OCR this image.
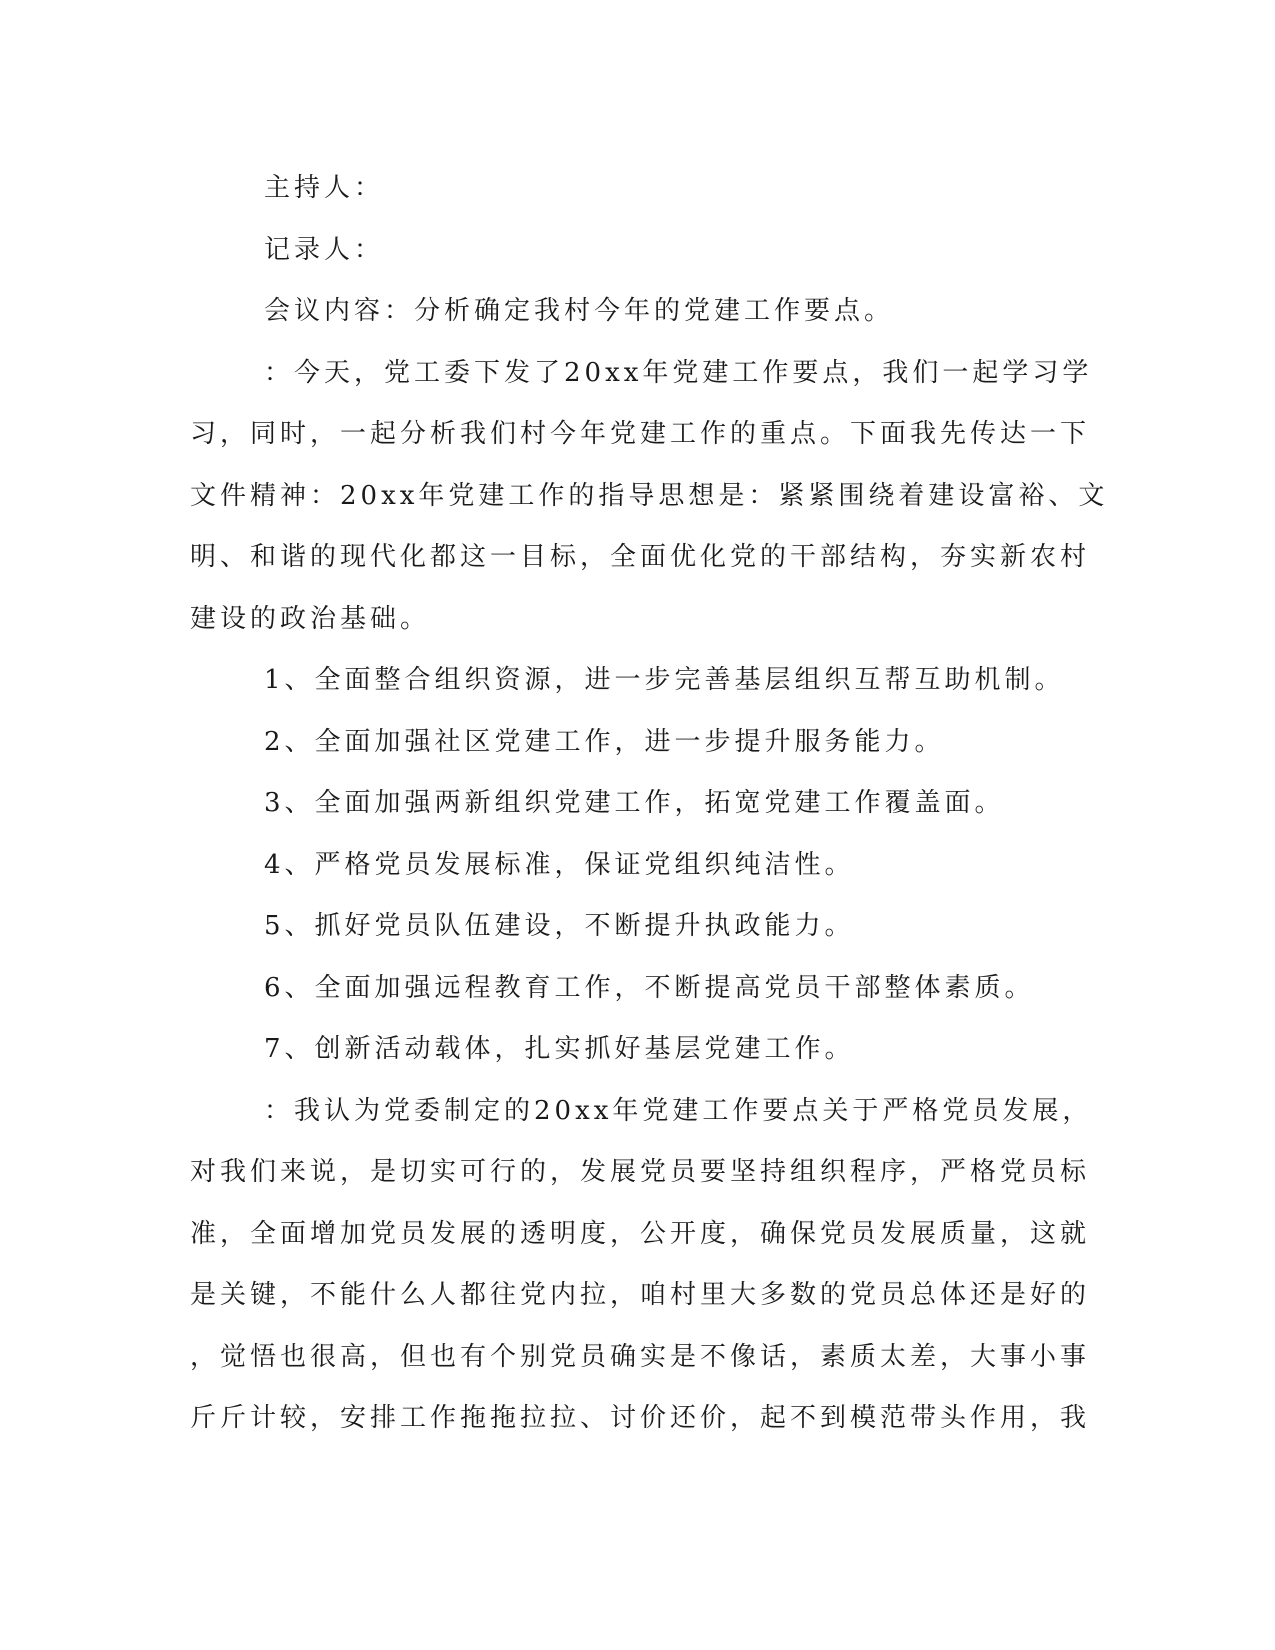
主持人：
记录人：
会议内容：分析确定我村今年的党建工作要点。
：今天，党工委下发了20xx年党建工作要点，我们一起学习学
习，同时，一起分析我们村今年党建工作的重点。下面我先传达一下
文件精神：20xx年党建工作的指导思想是：紧紧围绕着建设富裕、文
明、和谐的现代化都这一目标，全面优化党的干部结构，夯实新农村
建设的政治基础。
1、全面整合组织资源，进一步完善基层组织互帮互助机制。
2、全面加强社区党建工作，进一步提升服务能力。
3、全面加强两新组织党建工作，拓宽党建工作覆盖面。
4、严格党员发展标准，保证党组织纯洁性。
5、抓好党员队伍建设，不断提升执政能力。
6、全面加强远程教育工作，不断提高党员干部整体素质。
7、创新活动载体，扎实抓好基层党建工作。
：我认为党委制定的20xx年党建工作要点关于严格党员发展，
对我们来说，是切实可行的，发展党员要坚持组织程序，严格党员标
准，全面增加党员发展的透明度，公开度，确保党员发展质量，这就
是关键，不能什么人都往党内拉，咱村里大多数的党员总体还是好的
，觉悟也很高，但也有个别党员确实是不像话，素质太差，大事小事
斤斤计较，安排工作拖拖拉拉、讨价还价，起不到模范带头作用，我
